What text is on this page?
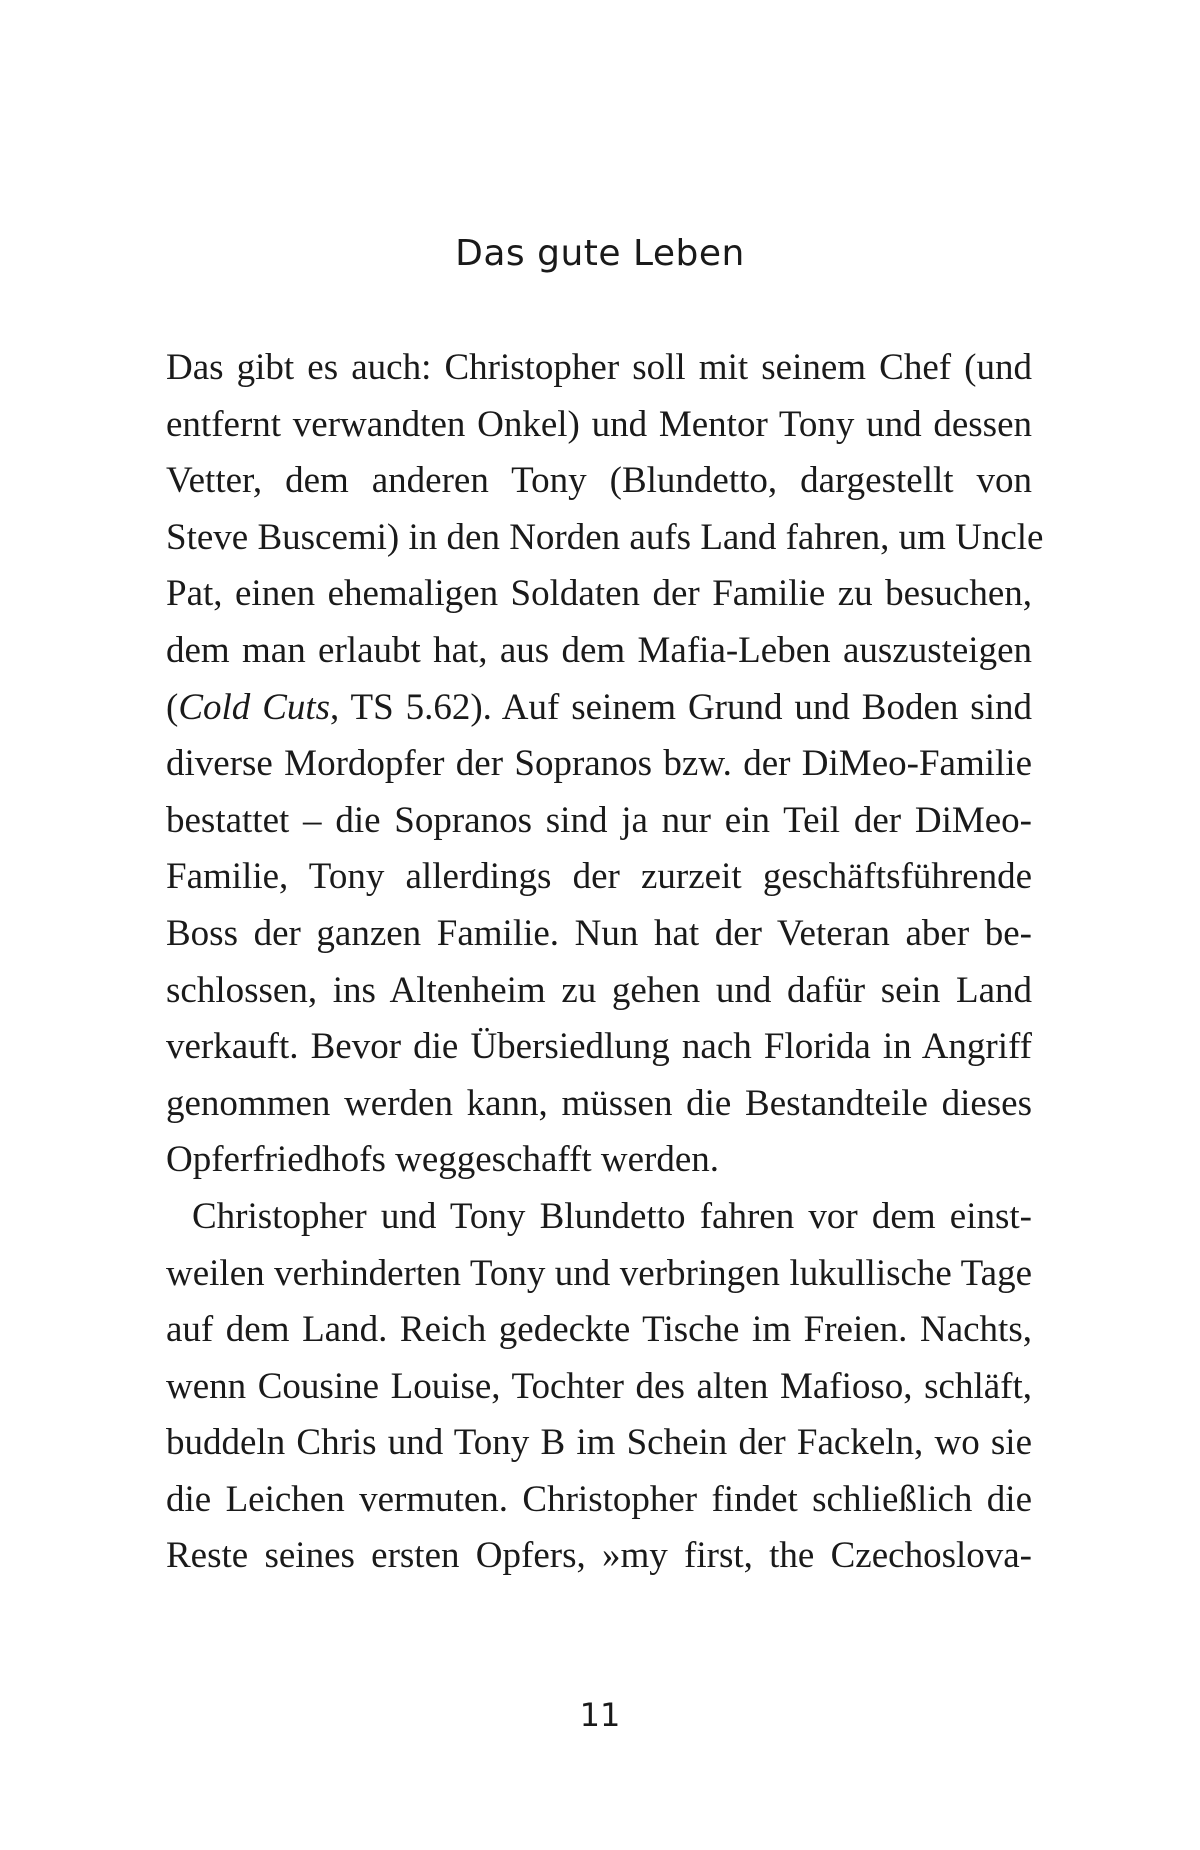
Das gute Leben
Das gibt es auch: Christopher soll mit seinem Chef (und
entfernt verwandten Onkel) und Mentor Tony und dessen
Vetter, dem anderen Tony (Blundetto, dargestellt von
Steve Buscemi) in den Norden aufs Land fahren, um Uncle
Pat, einen ehemaligen Soldaten der Familie zu besuchen,
dem man erlaubt hat, aus dem Mafia-Leben auszusteigen
(Cold Cuts, TS 5.62). Auf seinem Grund und Boden sind
diverse Mordopfer der Sopranos bzw. der DiMeo-Familie
bestattet – die Sopranos sind ja nur ein Teil der DiMeo-
Familie, Tony allerdings der zurzeit geschäftsführende
Boss der ganzen Familie. Nun hat der Veteran aber be-
schlossen, ins Altenheim zu gehen und dafür sein Land
verkauft. Bevor die Übersiedlung nach Florida in Angriff
genommen werden kann, müssen die Bestandteile dieses
Opferfriedhofs weggeschafft werden.
Christopher und Tony Blundetto fahren vor dem einst-
weilen verhinderten Tony und verbringen lukullische Tage
auf dem Land. Reich gedeckte Tische im Freien. Nachts,
wenn Cousine Louise, Tochter des alten Mafioso, schläft,
buddeln Chris und Tony B im Schein der Fackeln, wo sie
die Leichen vermuten. Christopher findet schließlich die
Reste seines ersten Opfers, »my first, the Czechoslova-
11
